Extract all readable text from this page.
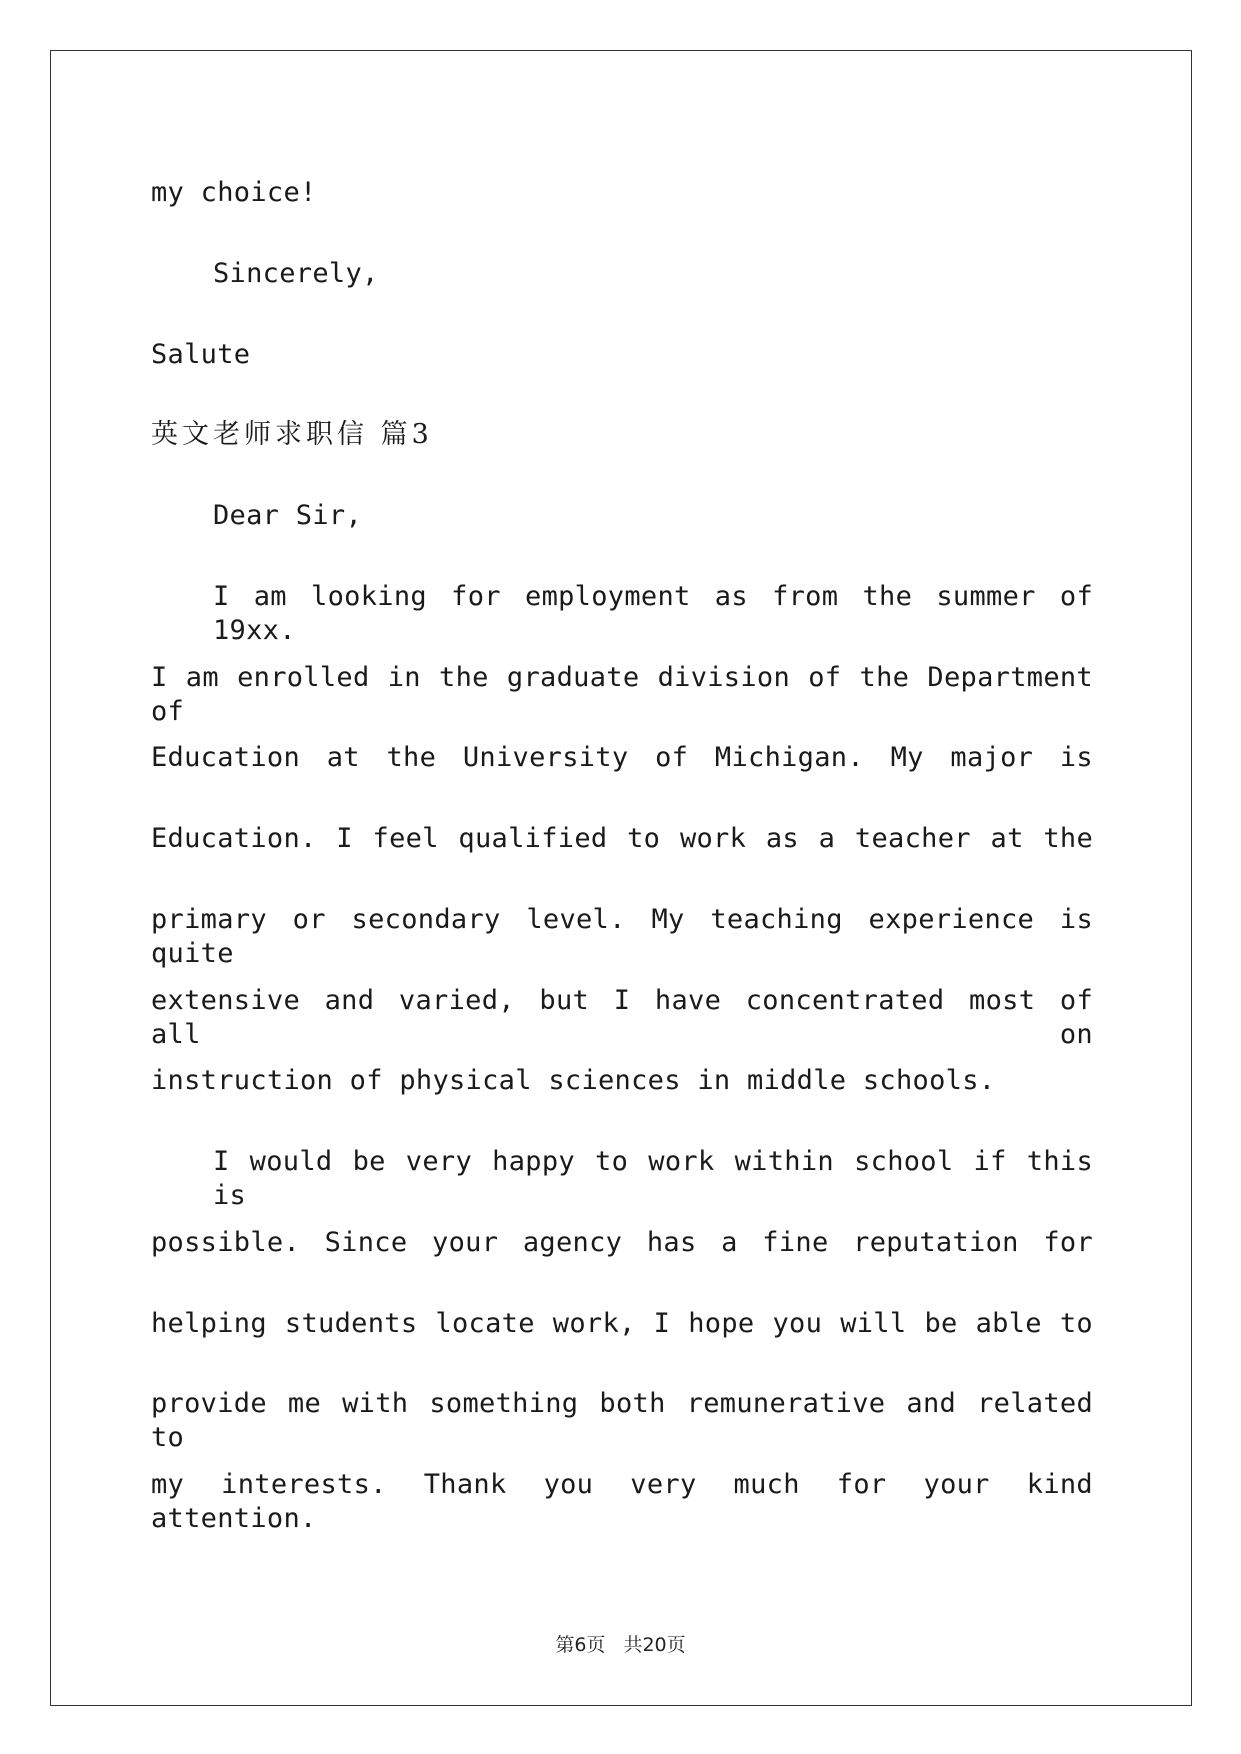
my choice!
Sincerely,
Salute
英文老师求职信 篇3
Dear Sir,
I am looking for employment as from the summer of 19xx.
I am enrolled in the graduate division of the Department of
Education at the University of Michigan. My major is
Education. I feel qualified to work as a teacher at the
primary or secondary level. My teaching experience is quite
extensive and varied, but I have concentrated most of all on
instruction of physical sciences in middle schools.
I would be very happy to work within school if this is
possible. Since your agency has a fine reputation for
helping students locate work, I hope you will be able to
provide me with something both remunerative and related to
my interests. Thank you very much for your kind attention.
第6页 共20页
